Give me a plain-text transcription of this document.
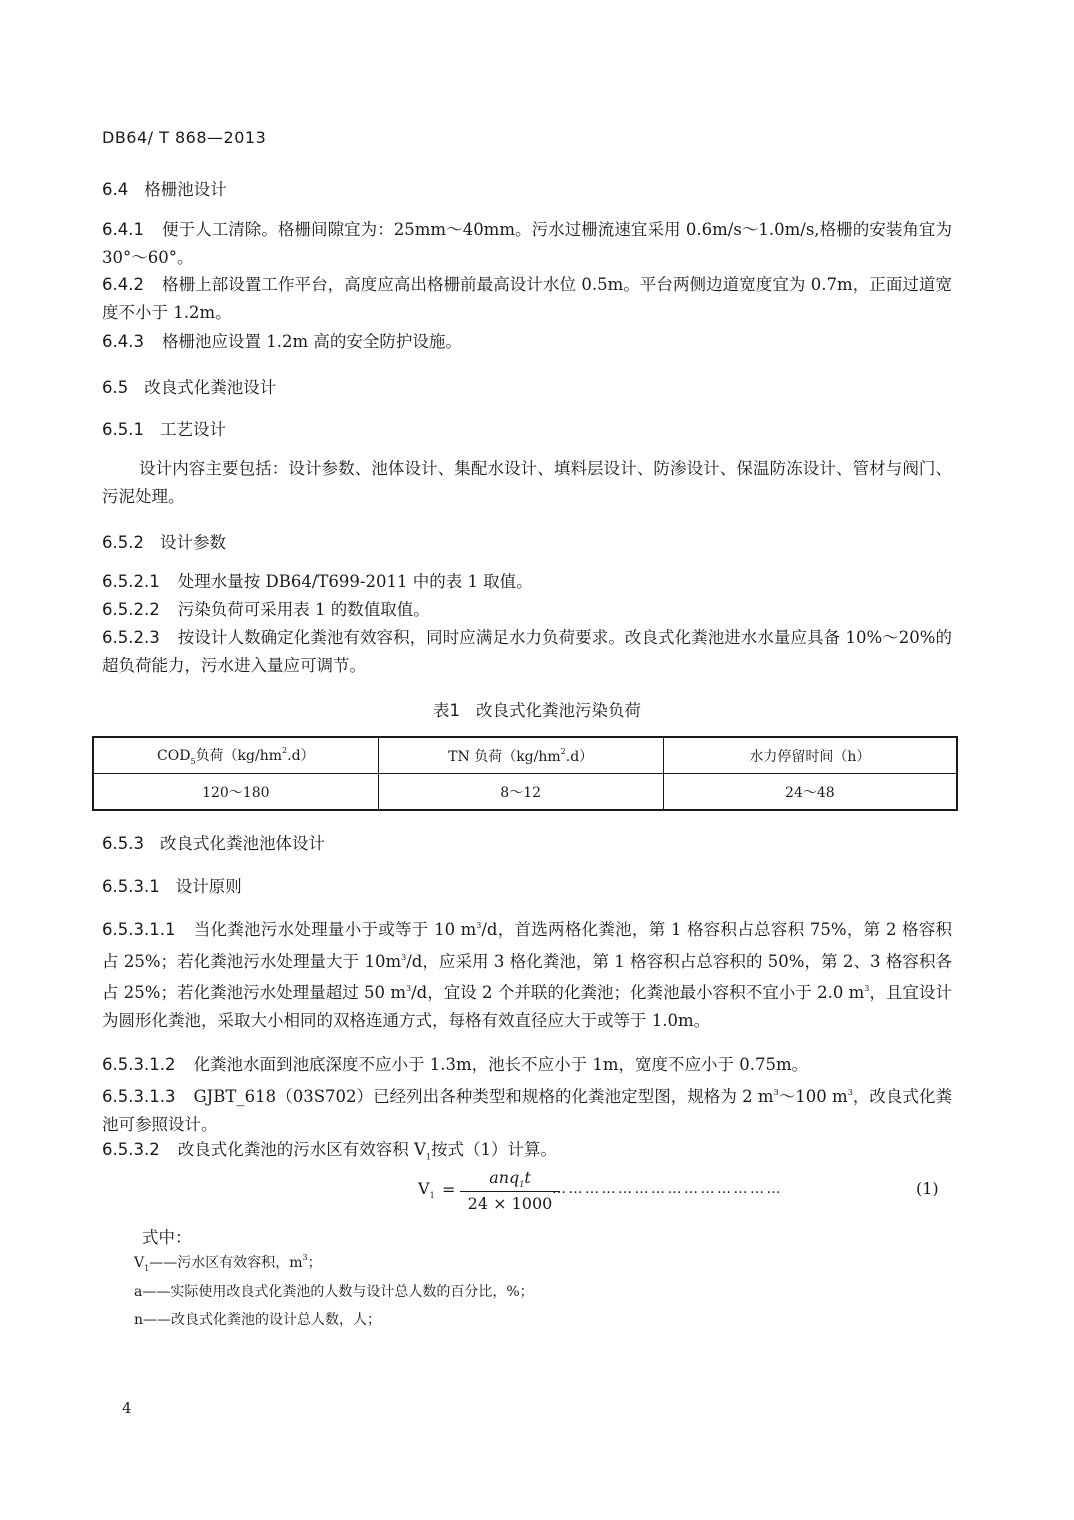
DB64/ T 868—2013
6.4 格栅池设计
6.4.1 便于人工清除。格栅间隙宜为：25mm～40mm。污水过栅流速宜采用 0.6m/s～1.0m/s,格栅的安装角宜为 30°～60°。
6.4.2 格栅上部设置工作平台，高度应高出格栅前最高设计水位 0.5m。平台两侧边道宽度宜为 0.7m，正面过道宽度不小于 1.2m。
6.4.3 格栅池应设置 1.2m 高的安全防护设施。
6.5 改良式化粪池设计
6.5.1 工艺设计
设计内容主要包括：设计参数、池体设计、集配水设计、填料层设计、防渗设计、保温防冻设计、管材与阀门、污泥处理。
6.5.2 设计参数
6.5.2.1 处理水量按 DB64/T699-2011 中的表 1 取值。
6.5.2.2 污染负荷可采用表 1 的数值取值。
6.5.2.3 按设计人数确定化粪池有效容积，同时应满足水力负荷要求。改良式化粪池进水水量应具备 10%～20%的超负荷能力，污水进入量应可调节。
表1 改良式化粪池污染负荷
$COD_5$负荷$(kg/hm^2.d)$	TN 负荷$(kg/hm^2.d)$	水力停留时间（h）
120～180	8～12	24～48
6.5.3 改良式化粪池池体设计
6.5.3.1 设计原则
6.5.3.1.1 当化粪池污水处理量小于或等于 10 $m^3/d$，首选两格化粪池，第 1 格容积占总容积 75%，第 2 格容积占 25%；若化粪池污水处理量大于 $10m^3/d$，应采用 3 格化粪池，第 1 格容积占总容积的 50%，第 2、3 格容积各占 25%；若化粪池污水处理量超过 50 $m^3/d$，宜设 2 个并联的化粪池；化粪池最小容积不宜小于 2.0 $m^3$，且宜设计为圆形化粪池，采取大小相同的双格连通方式，每格有效直径应大于或等于 1.0m。
6.5.3.1.2 化粪池水面到池底深度不应小于 1.3m，池长不应小于 1m，宽度不应小于 0.75m。
6.5.3.1.3 GJBT_618（03S702）已经列出各种类型和规格的化粪池定型图，规格为 2 $m^3\sim 100$ $m^3$，改良式化粪池可参照设计。
6.5.3.2 改良式化粪池的污水区有效容积 $V_1$按式（1）计算。
$V_1$ =
anq$_1$t
24 × 1000
……………………………………	(1)
式中：
$V_1——$污水区有效容积，$m^3$；
a——实际使用改良式化粪池的人数与设计总人数的百分比，%；
n——改良式化粪池的设计总人数，人；
4
